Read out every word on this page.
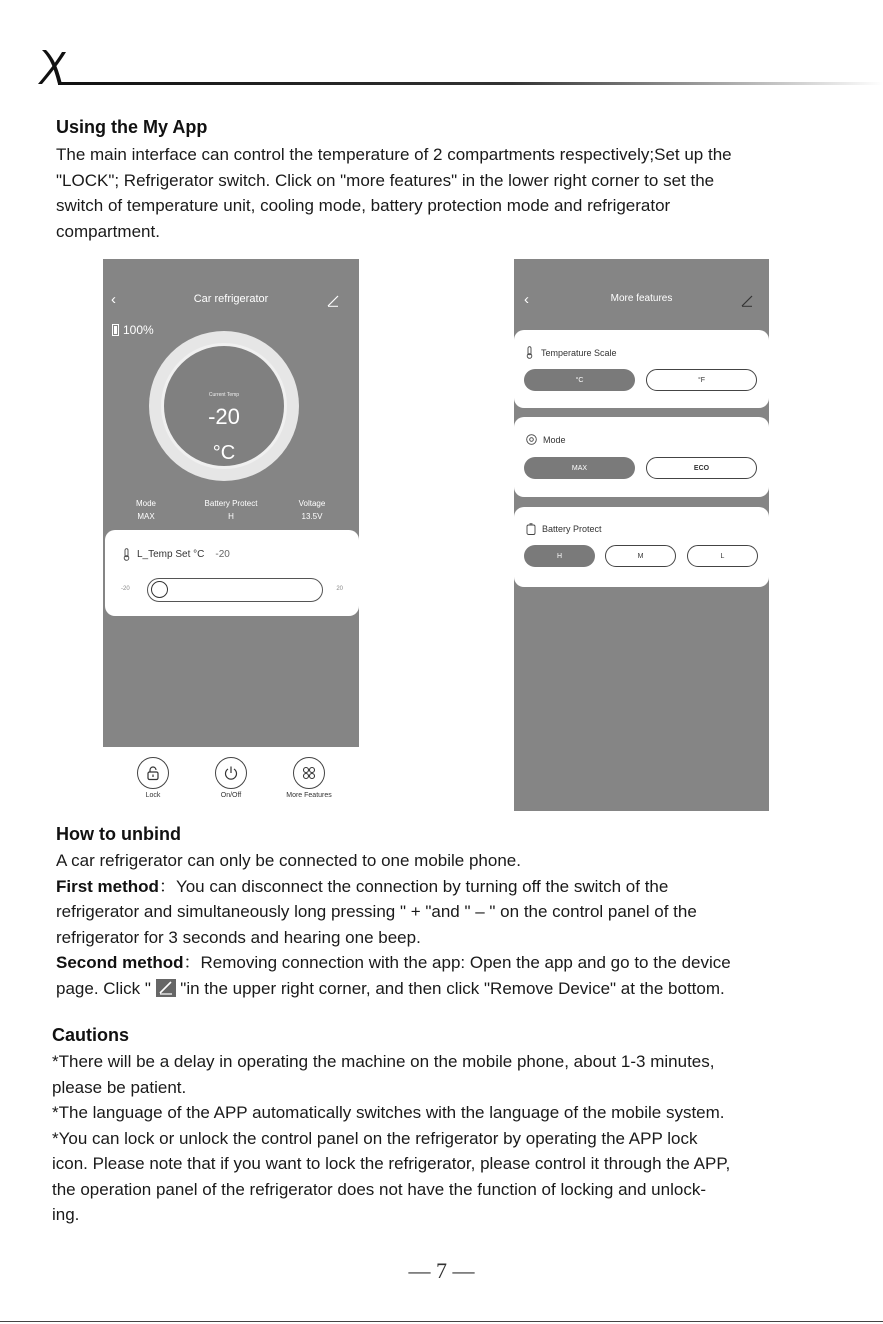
Using the My App
The main interface can control the temperature of 2 compartments respectively;Set up the
"LOCK"; Refrigerator switch. Click on "more features" in the lower right corner to set the
switch of temperature unit, cooling mode, battery protection mode and refrigerator
compartment.
‹	Car refrigerator
100%
Current Temp
-20
°C
Mode
MAX
Battery Protect
H
Voltage
13.5V
L_Temp Set °C -20
-20	20
Lock	On/Off	More Features
‹	More features
Temperature Scale
°C	°F
Mode
MAX	ECO
Battery Protect
H	M	L
How to unbind
A car refrigerator can only be connected to one mobile phone.
First method：You can disconnect the connection by turning off the switch of the
refrigerator and simultaneously long pressing " + "and " – " on the control panel of the
refrigerator for 3 seconds and hearing one beep.
Second method：Removing connection with the app: Open the app and go to the device
page. Click "
"in the upper right corner, and then click "Remove Device" at the bottom.
Cautions
*There will be a delay in operating the machine on the mobile phone, about 1-3 minutes,
please be patient.
*The language of the APP automatically switches with the language of the mobile system.
*You can lock or unlock the control panel on the refrigerator by operating the APP lock
icon. Please note that if you want to lock the refrigerator, please control it through the APP,
the operation panel of the refrigerator does not have the function of locking and unlock-
ing.
— 7 —
